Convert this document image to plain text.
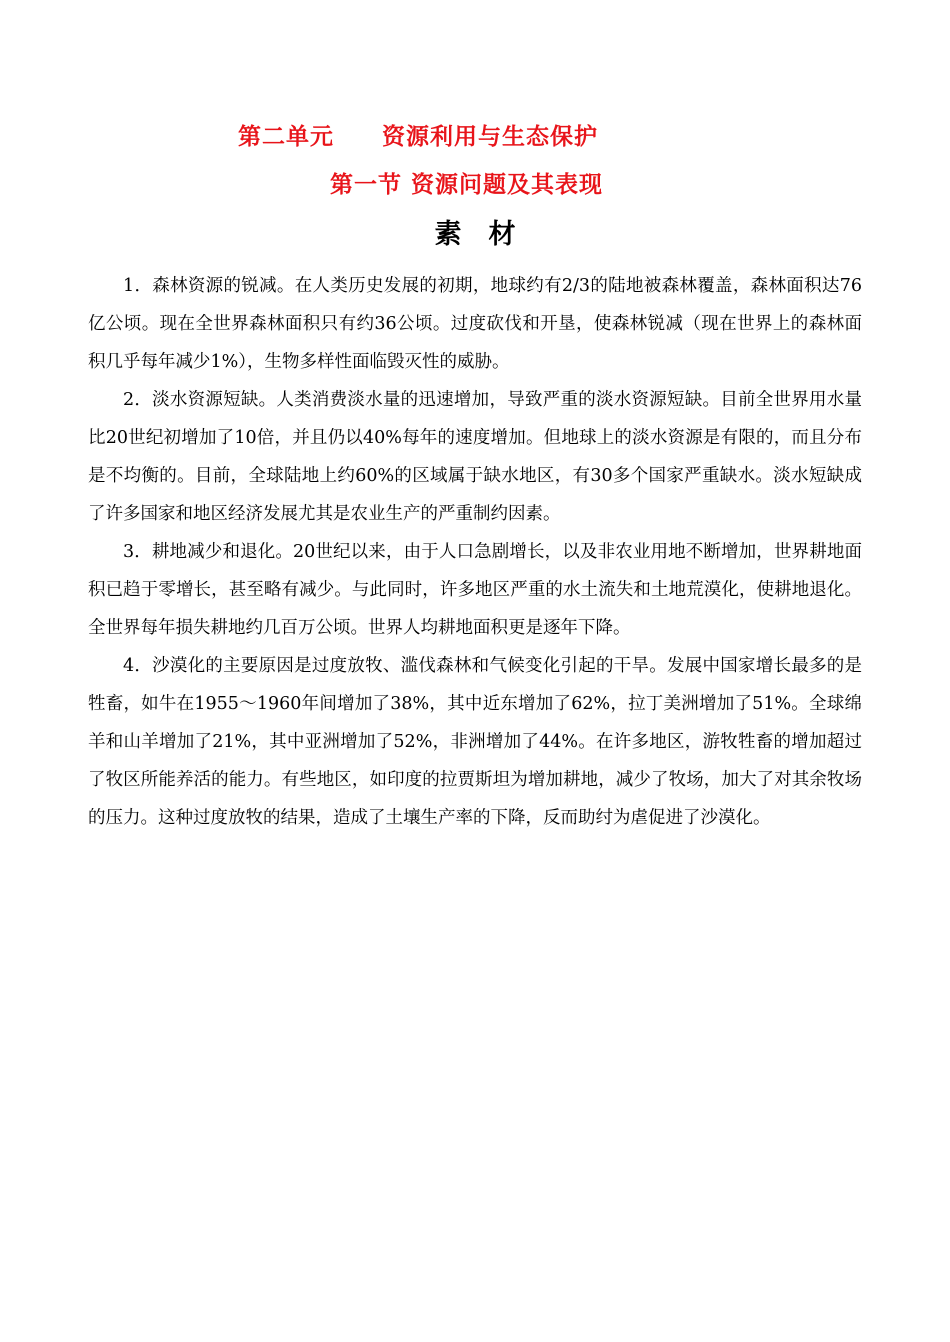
第二单元　　资源利用与生态保护
第一节 资源问题及其表现
素　材

1．森林资源的锐减。在人类历史发展的初期，地球约有2/3的陆地被森林覆盖，森林面积达76亿公顷。现在全世界森林面积只有约36公顷。过度砍伐和开垦，使森林锐减（现在世界上的森林面积几乎每年减少1%），生物多样性面临毁灭性的威胁。

2．淡水资源短缺。人类消费淡水量的迅速增加，导致严重的淡水资源短缺。目前全世界用水量比20世纪初增加了10倍，并且仍以40%每年的速度增加。但地球上的淡水资源是有限的，而且分布是不均衡的。目前，全球陆地上约60%的区域属于缺水地区，有30多个国家严重缺水。淡水短缺成了许多国家和地区经济发展尤其是农业生产的严重制约因素。

3．耕地减少和退化。20世纪以来，由于人口急剧增长，以及非农业用地不断增加，世界耕地面积已趋于零增长，甚至略有减少。与此同时，许多地区严重的水土流失和土地荒漠化，使耕地退化。全世界每年损失耕地约几百万公顷。世界人均耕地面积更是逐年下降。

4．沙漠化的主要原因是过度放牧、滥伐森林和气候变化引起的干旱。发展中国家增长最多的是牲畜，如牛在1955～1960年间增加了38%，其中近东增加了62%，拉丁美洲增加了51%。全球绵羊和山羊增加了21%，其中亚洲增加了52%，非洲增加了44%。在许多地区，游牧牲畜的增加超过了牧区所能养活的能力。有些地区，如印度的拉贾斯坦为增加耕地，减少了牧场，加大了对其余牧场的压力。这种过度放牧的结果，造成了土壤生产率的下降，反而助纣为虐促进了沙漠化。
